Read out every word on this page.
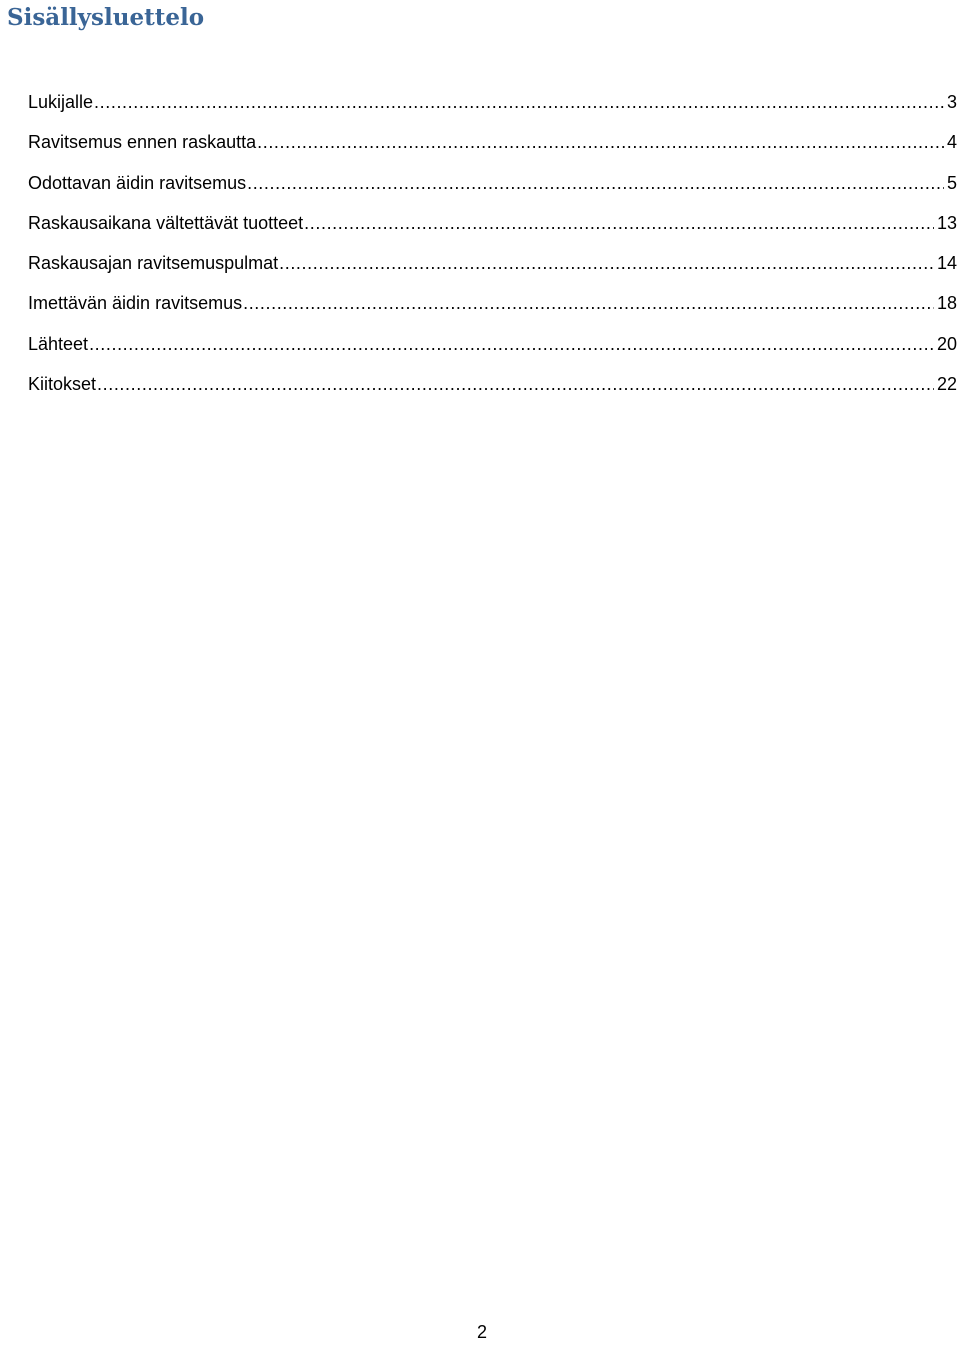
Sisällysluettelo
Lukijalle .....	3
Ravitsemus ennen raskautta .....	4
Odottavan äidin ravitsemus .....	5
Raskausaikana vältettävät tuotteet .....	13
Raskausajan ravitsemuspulmat .....	14
Imettävän äidin ravitsemus .....	18
Lähteet .....	20
Kiitokset .....	22
2
